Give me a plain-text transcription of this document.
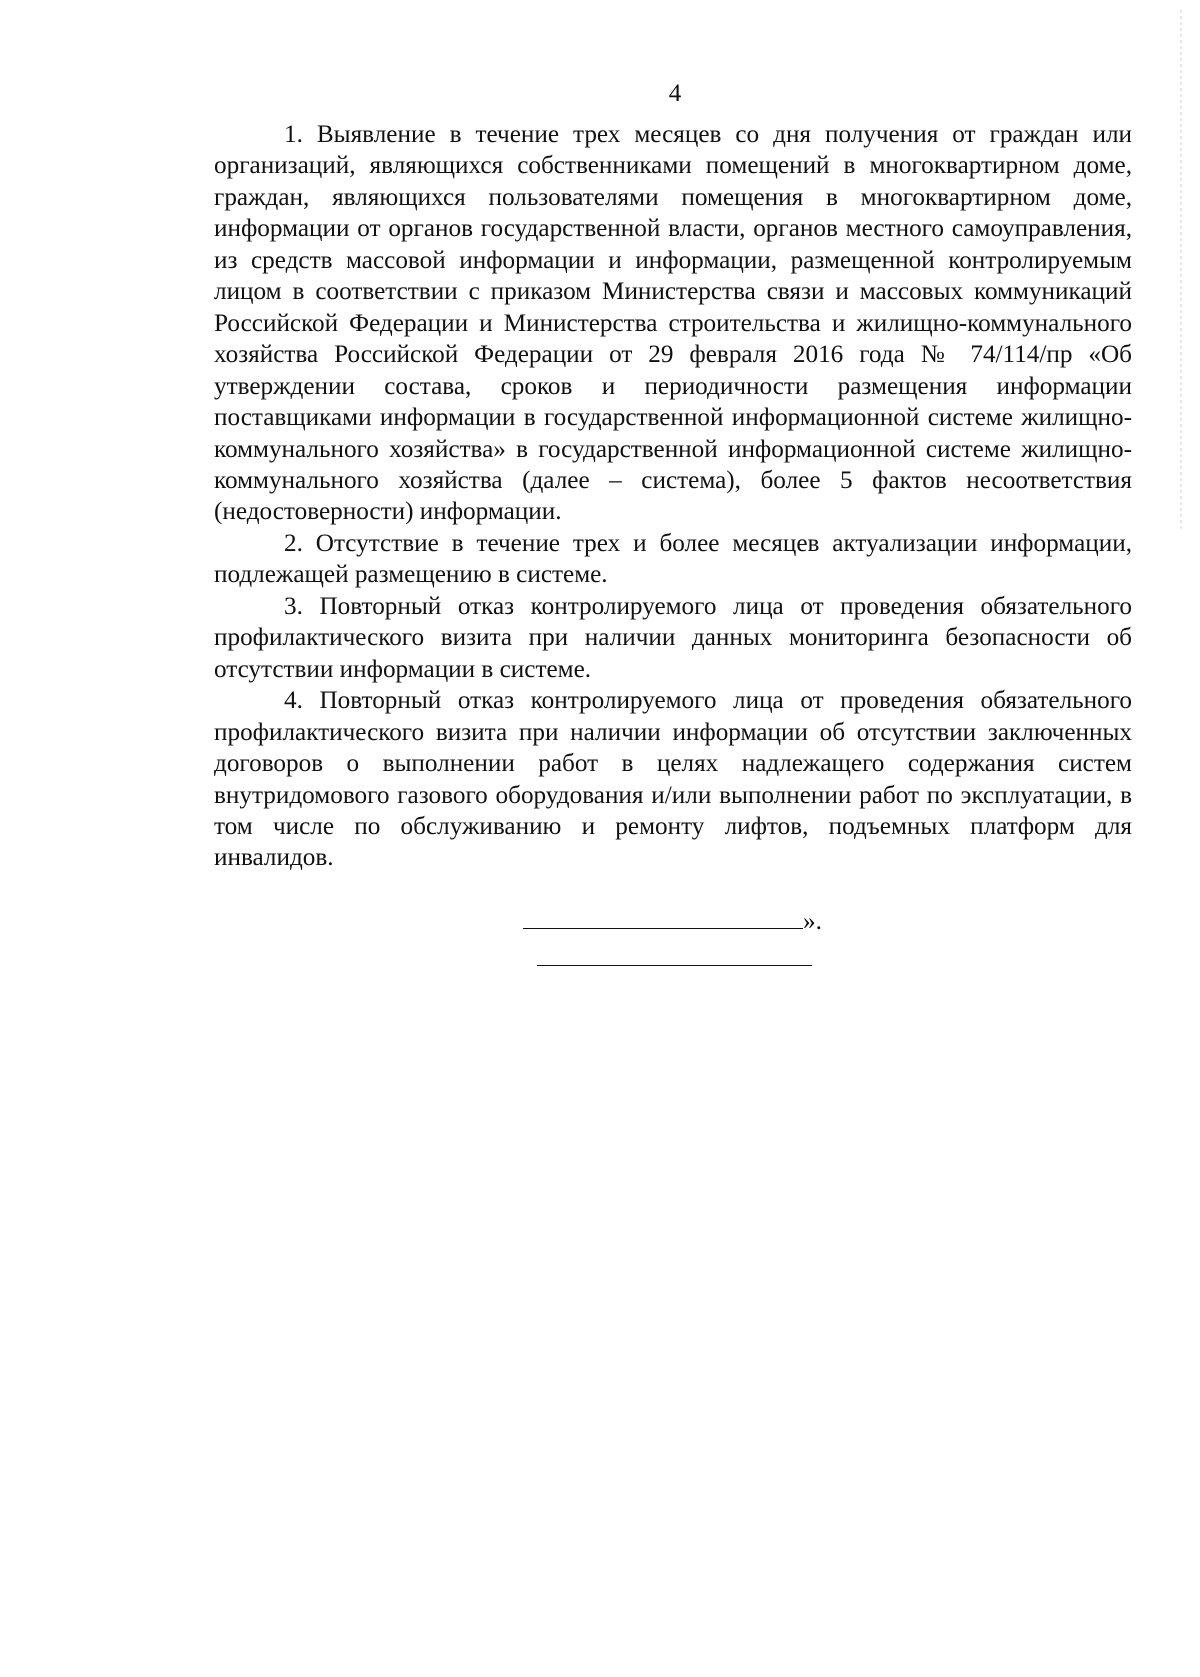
4

1. Выявление в течение трех месяцев со дня получения от граждан или организаций, являющихся собственниками помещений в многоквартирном доме, граждан, являющихся пользователями помещения в многоквартирном доме, информации от органов государственной власти, органов местного самоуправления, из средств массовой информации и информации, размещенной контролируемым лицом в соответствии с приказом Министерства связи и массовых коммуникаций Российской Федерации и Министерства строительства и жилищно-коммунального хозяйства Российской Федерации от 29 февраля 2016 года № 74/114/пр «Об утверждении состава, сроков и периодичности размещения информации поставщиками информации в государственной информационной системе жилищно-коммунального хозяйства» в государственной информационной системе жилищно-коммунального хозяйства (далее – система), более 5 фактов несоответствия (недостоверности) информации.

2. Отсутствие в течение трех и более месяцев актуализации информации, подлежащей размещению в системе.

3. Повторный отказ контролируемого лица от проведения обязательного профилактического визита при наличии данных мониторинга безопасности об отсутствии информации в системе.

4. Повторный отказ контролируемого лица от проведения обязательного профилактического визита при наличии информации об отсутствии заключенных договоров о выполнении работ в целях надлежащего содержания систем внутридомового газового оборудования и/или выполнении работ по эксплуатации, в том числе по обслуживанию и ремонту лифтов, подъемных платформ для инвалидов.

».
